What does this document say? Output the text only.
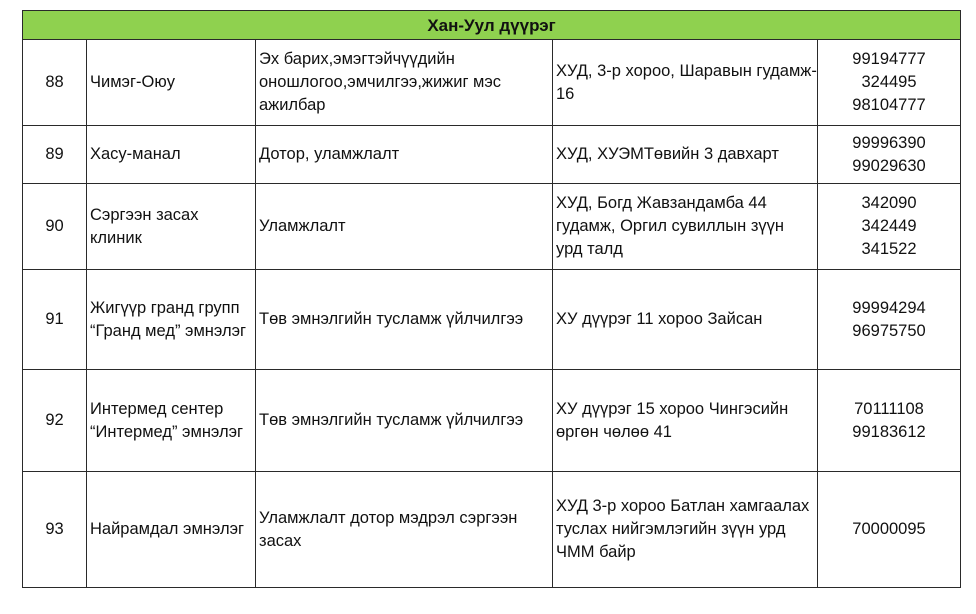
Хан-Уул дүүрэг				
88	Чимэг-Оюу	Эх барих,эмэгтэйчүүдийн
оношлогоо,эмчилгээ,жижиг мэс
ажилбар	ХУД, 3-р хороо, Шаравын гудамж-
16	99194777
324495
98104777

89	Хасу-манал	Дотор, уламжлалт	ХУД, ХУЭМТөвийн 3 давхарт	99996390
99029630

90	Сэргээн засах
клиник	Уламжлалт	ХУД, Богд Жавзандамба 44
гудамж, Оргил сувиллын зүүн
урд талд	342090
342449
341522

91	Жигүүр гранд групп
“Гранд мед” эмнэлэг	Төв эмнэлгийн тусламж үйлчилгээ	ХУ дүүрэг 11 хороо Зайсан	99994294
96975750

92	Интермед сентер
“Интермед” эмнэлэг	Төв эмнэлгийн тусламж үйлчилгээ	ХУ дүүрэг 15 хороо Чингэсийн
өргөн чөлөө 41	70111108
99183612

93	Найрамдал эмнэлэг	Уламжлалт дотор мэдрэл сэргээн
засах	ХУД 3-р хороо Батлан хамгаалах
туслах нийгэмлэгийн зүүн урд
ЧММ байр	70000095
